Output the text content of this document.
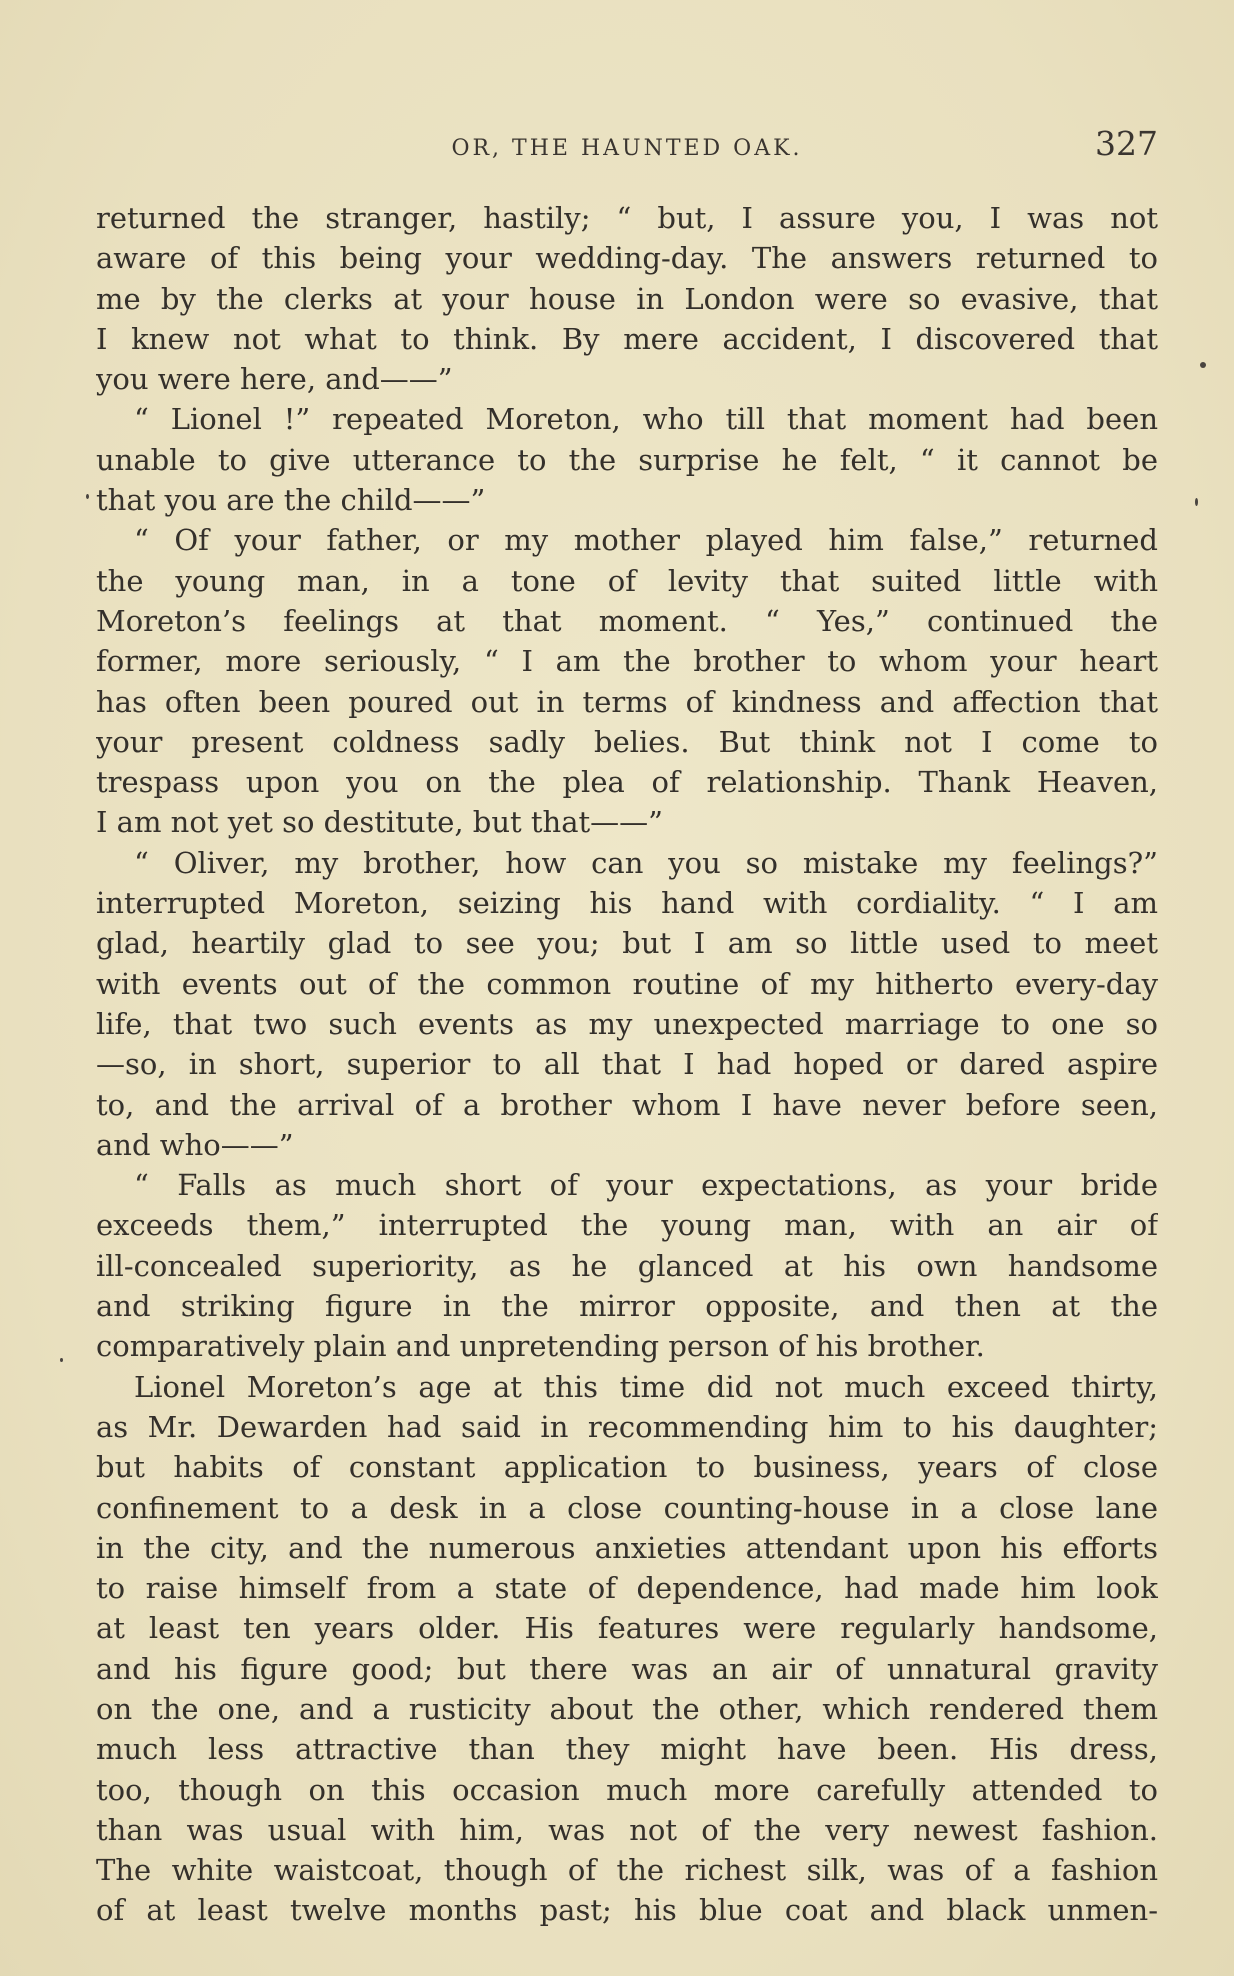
OR, THE HAUNTED OAK.	327
returned the stranger, hastily; “ but, I assure you, I was not
aware of this being your wedding-day. The answers returned to
me by the clerks at your house in London were so evasive, that
I knew not what to think. By mere accident, I discovered that
you were here, and——”
“ Lionel !” repeated Moreton, who till that moment had been
unable to give utterance to the surprise he felt, “ it cannot be
that you are the child——”
“ Of your father, or my mother played him false,” returned
the young man, in a tone of levity that suited little with
Moreton’s feelings at that moment. “ Yes,” continued the
former, more seriously, “ I am the brother to whom your heart
has often been poured out in terms of kindness and affection that
your present coldness sadly belies. But think not I come to
trespass upon you on the plea of relationship. Thank Heaven,
I am not yet so destitute, but that——”
“ Oliver, my brother, how can you so mistake my feelings?”
interrupted Moreton, seizing his hand with cordiality. “ I am
glad, heartily glad to see you; but I am so little used to meet
with events out of the common routine of my hitherto every-day
life, that two such events as my unexpected marriage to one so
—so, in short, superior to all that I had hoped or dared aspire
to, and the arrival of a brother whom I have never before seen,
and who——”
“ Falls as much short of your expectations, as your bride
exceeds them,” interrupted the young man, with an air of
ill-concealed superiority, as he glanced at his own handsome
and striking figure in the mirror opposite, and then at the
comparatively plain and unpretending person of his brother.
Lionel Moreton’s age at this time did not much exceed thirty,
as Mr. Dewarden had said in recommending him to his daughter;
but habits of constant application to business, years of close
confinement to a desk in a close counting-house in a close lane
in the city, and the numerous anxieties attendant upon his efforts
to raise himself from a state of dependence, had made him look
at least ten years older. His features were regularly handsome,
and his figure good; but there was an air of unnatural gravity
on the one, and a rusticity about the other, which rendered them
much less attractive than they might have been. His dress,
too, though on this occasion much more carefully attended to
than was usual with him, was not of the very newest fashion.
The white waistcoat, though of the richest silk, was of a fashion
of at least twelve months past; his blue coat and black unmen-
